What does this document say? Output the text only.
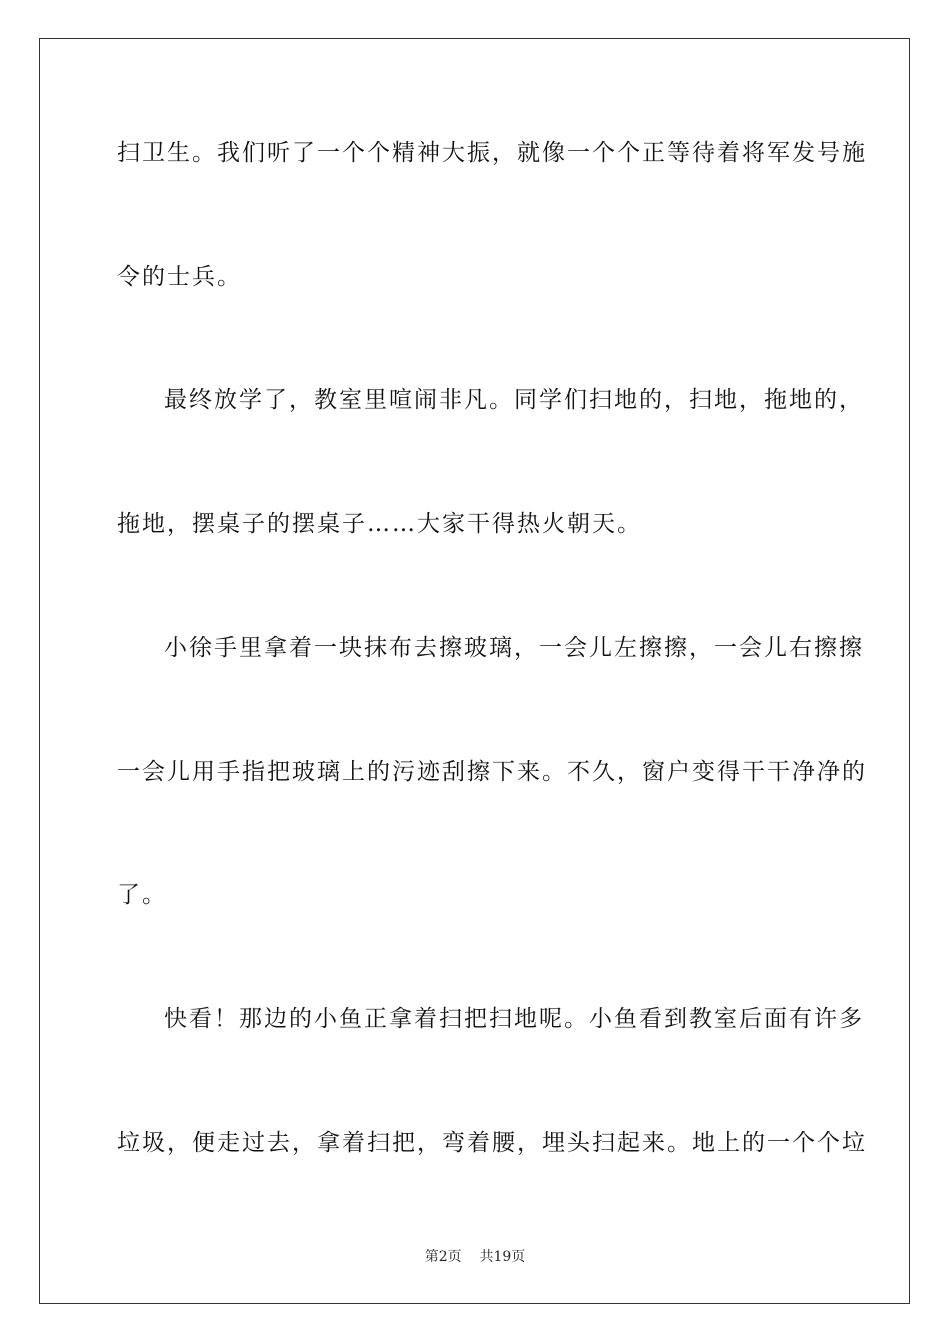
扫卫生。我们听了一个个精神大振，就像一个个正等待着将军发号施
令的士兵。
最终放学了，教室里喧闹非凡。同学们扫地的，扫地，拖地的，
拖地，摆桌子的摆桌子……大家干得热火朝天。
小徐手里拿着一块抹布去擦玻璃，一会儿左擦擦，一会儿右擦擦
一会儿用手指把玻璃上的污迹刮擦下来。不久，窗户变得干干净净的
了。
快看！那边的小鱼正拿着扫把扫地呢。小鱼看到教室后面有许多
垃圾，便走过去，拿着扫把，弯着腰，埋头扫起来。地上的一个个垃
第2页 共19页
